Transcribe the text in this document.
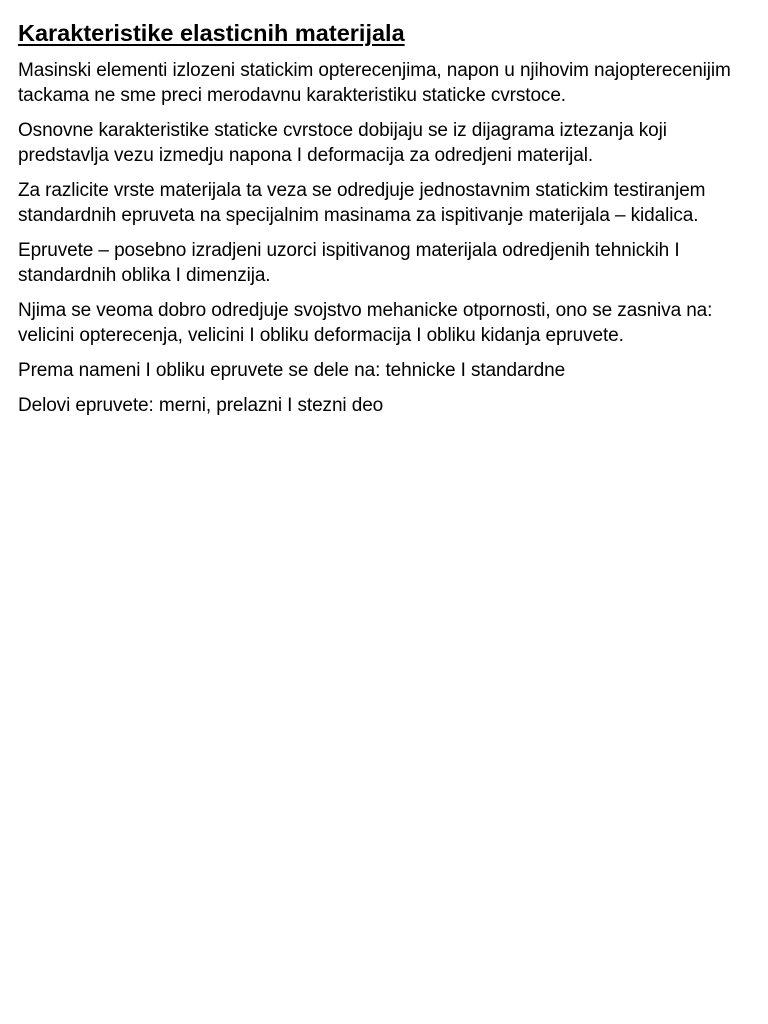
Karakteristike elasticnih materijala

Masinski elementi izlozeni statickim opterecenjima, napon u njihovim najopterecenijim tackama ne sme preci merodavnu karakteristiku staticke cvrstoce.

Osnovne karakteristike staticke cvrstoce dobijaju se iz dijagrama iztezanja koji predstavlja vezu izmedju napona I deformacija za odredjeni materijal.

Za razlicite vrste materijala ta veza se odredjuje jednostavnim statickim testiranjem standardnih epruveta na specijalnim masinama za ispitivanje materijala – kidalica.

Epruvete – posebno izradjeni uzorci ispitivanog materijala odredjenih tehnickih I standardnih oblika I dimenzija.

Njima se veoma dobro odredjuje svojstvo mehanicke otpornosti, ono se zasniva na: velicini opterecenja, velicini I obliku deformacija I obliku kidanja epruvete.

Prema nameni I obliku epruvete se dele na: tehnicke I standardne

Delovi epruvete: merni, prelazni I stezni deo
